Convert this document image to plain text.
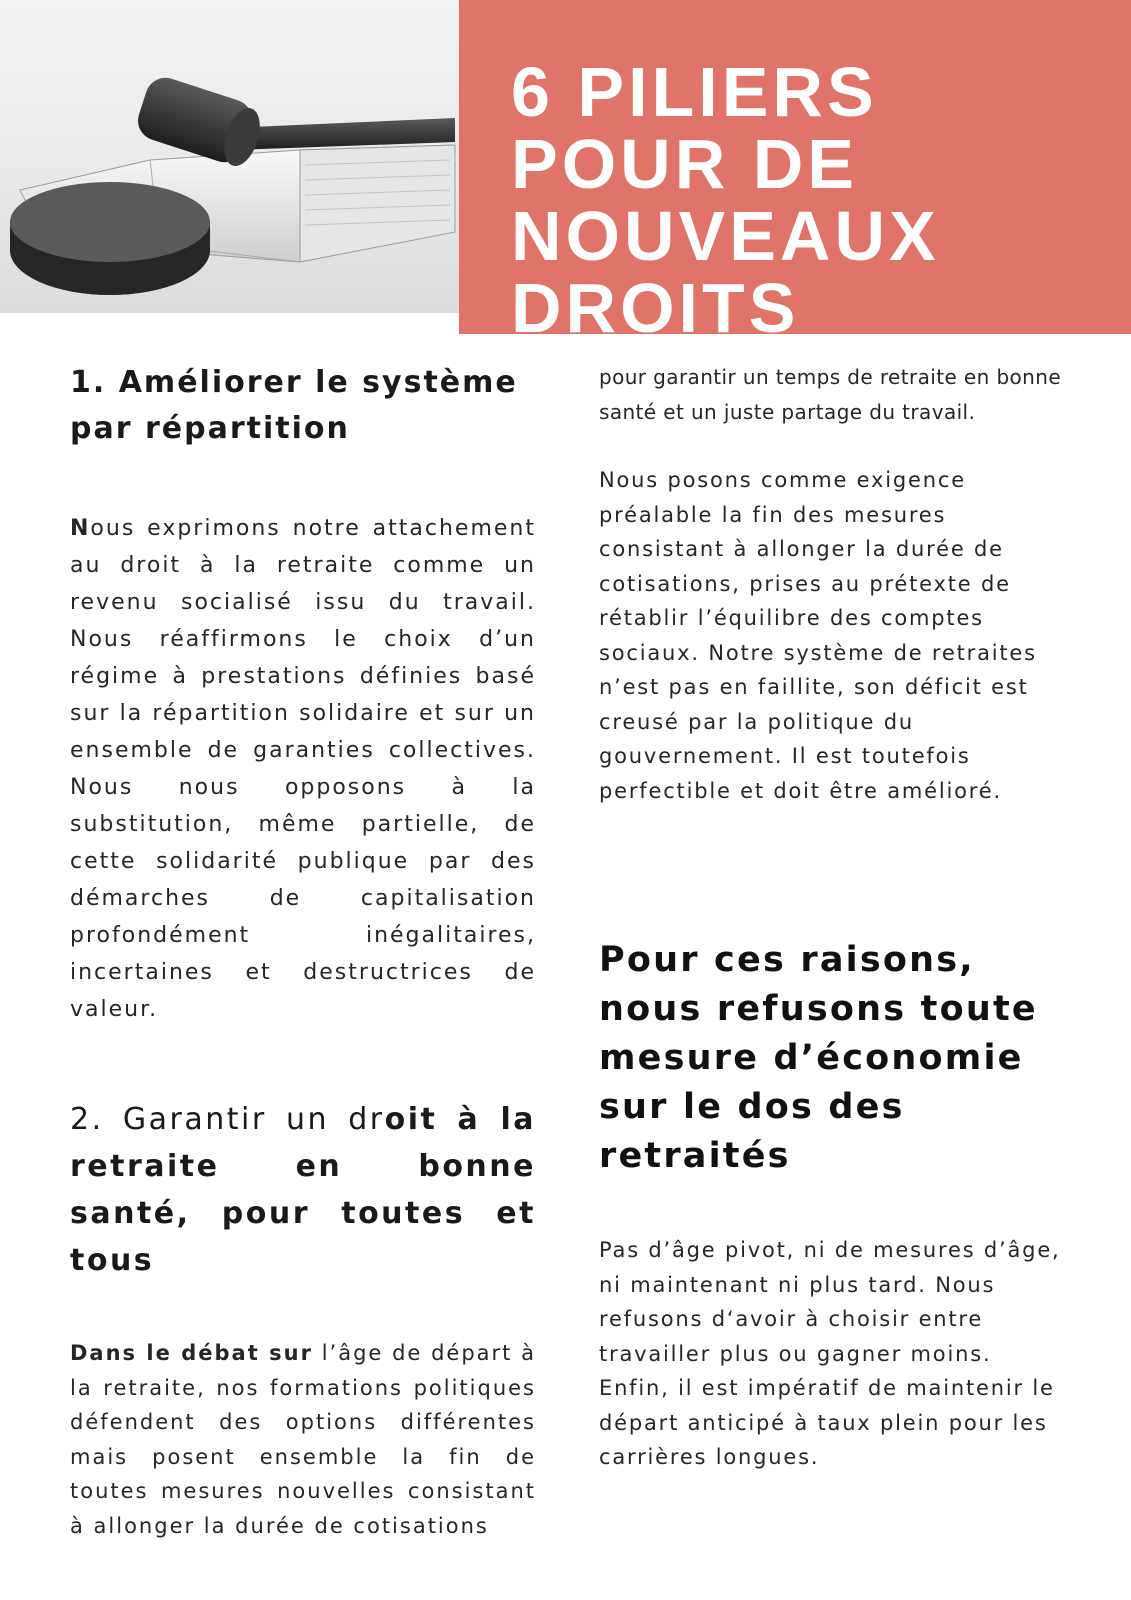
6 PILIERS POUR DE NOUVEAUX DROITS
1. Améliorer le système par répartition

Nous exprimons notre attachement au droit à la retraite comme un revenu socialisé issu du travail. Nous réaffirmons le choix d’un régime à prestations définies basé sur la répartition solidaire et sur un ensemble de garanties collectives. Nous nous opposons à la substitution, même partielle, de cette solidarité publique par des démarches de capitalisation profondément inégalitaires, incertaines et destructrices de valeur.

2. Garantir un droit à la retraite en bonne santé, pour toutes et tous

Dans le débat sur l’âge de départ à la retraite, nos formations politiques défendent des options différentes mais posent ensemble la fin de toutes mesures nouvelles consistant à allonger la durée de cotisations

pour garantir un temps de retraite en bonne santé et un juste partage du travail.

Nous posons comme exigence préalable la fin des mesures consistant à allonger la durée de cotisations, prises au prétexte de rétablir l’équilibre des comptes sociaux. Notre système de retraites n’est pas en faillite, son déficit est creusé par la politique du gouvernement. Il est toutefois perfectible et doit être amélioré.

Pour ces raisons, nous refusons toute mesure d’économie sur le dos des retraités

Pas d’âge pivot, ni de mesures d’âge, ni maintenant ni plus tard. Nous refusons d‘avoir à choisir entre travailler plus ou gagner moins. Enfin, il est impératif de maintenir le départ anticipé à taux plein pour les carrières longues.
